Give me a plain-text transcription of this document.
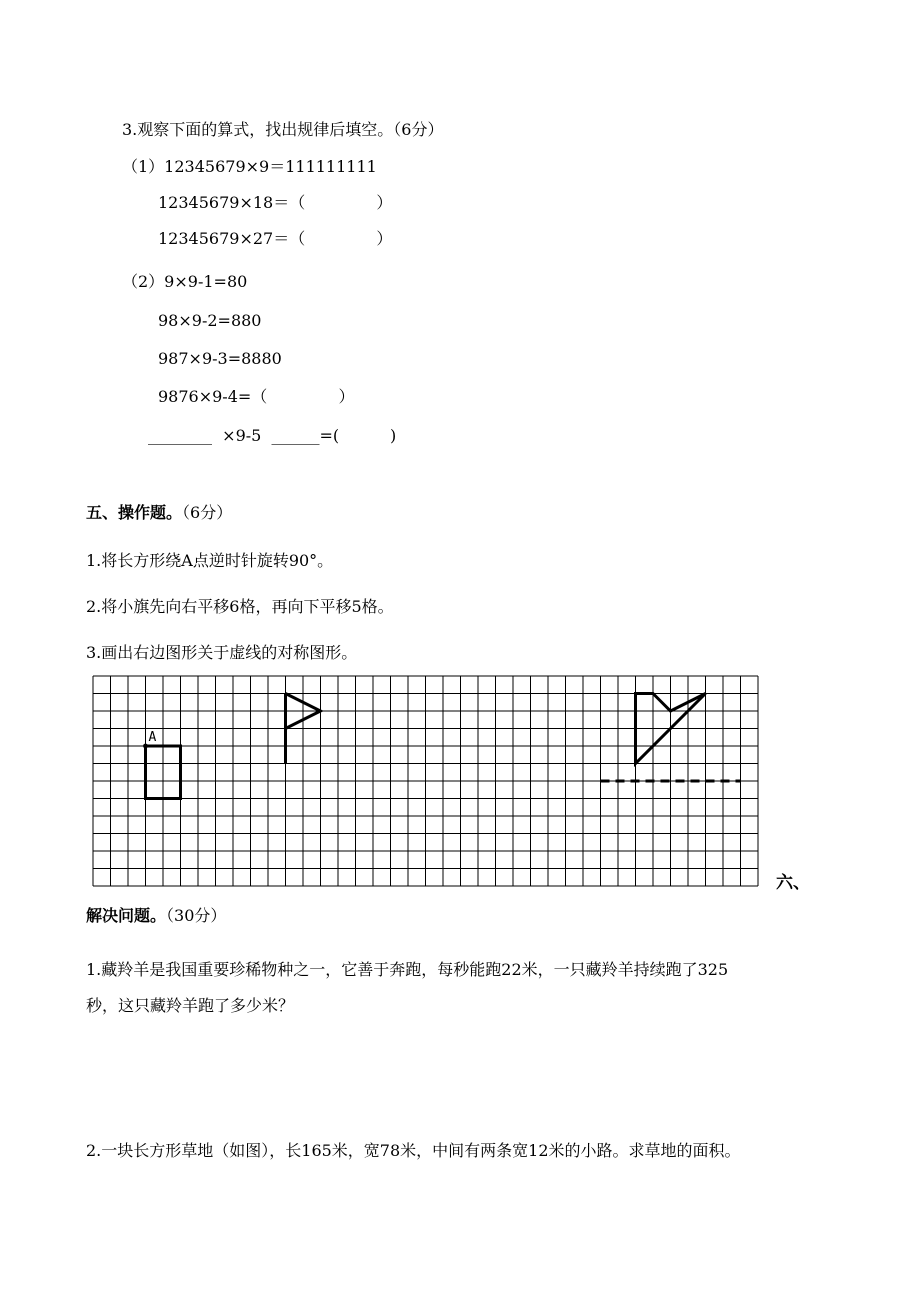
3.观察下面的算式，找出规律后填空。（6分）
（1）12345679×9＝111111111
12345679×18＝（              ）
12345679×27＝（              ）
（2）9×9-1=80
98×9-2=880
987×9-3=8880
9876×9-4=（              ）
________  ×9-5  ______=(          )
五、操作题。（6分）
1.将长方形绕A点逆时针旋转90°。
2.将小旗先向右平移6格，再向下平移5格。
3.画出右边图形关于虚线的对称图形。
A
六、
解决问题。（30分）
1.藏羚羊是我国重要珍稀物种之一，它善于奔跑，每秒能跑22米，一只藏羚羊持续跑了325
秒，这只藏羚羊跑了多少米？
2.一块长方形草地（如图），长165米，宽78米，中间有两条宽12米的小路。求草地的面积。
